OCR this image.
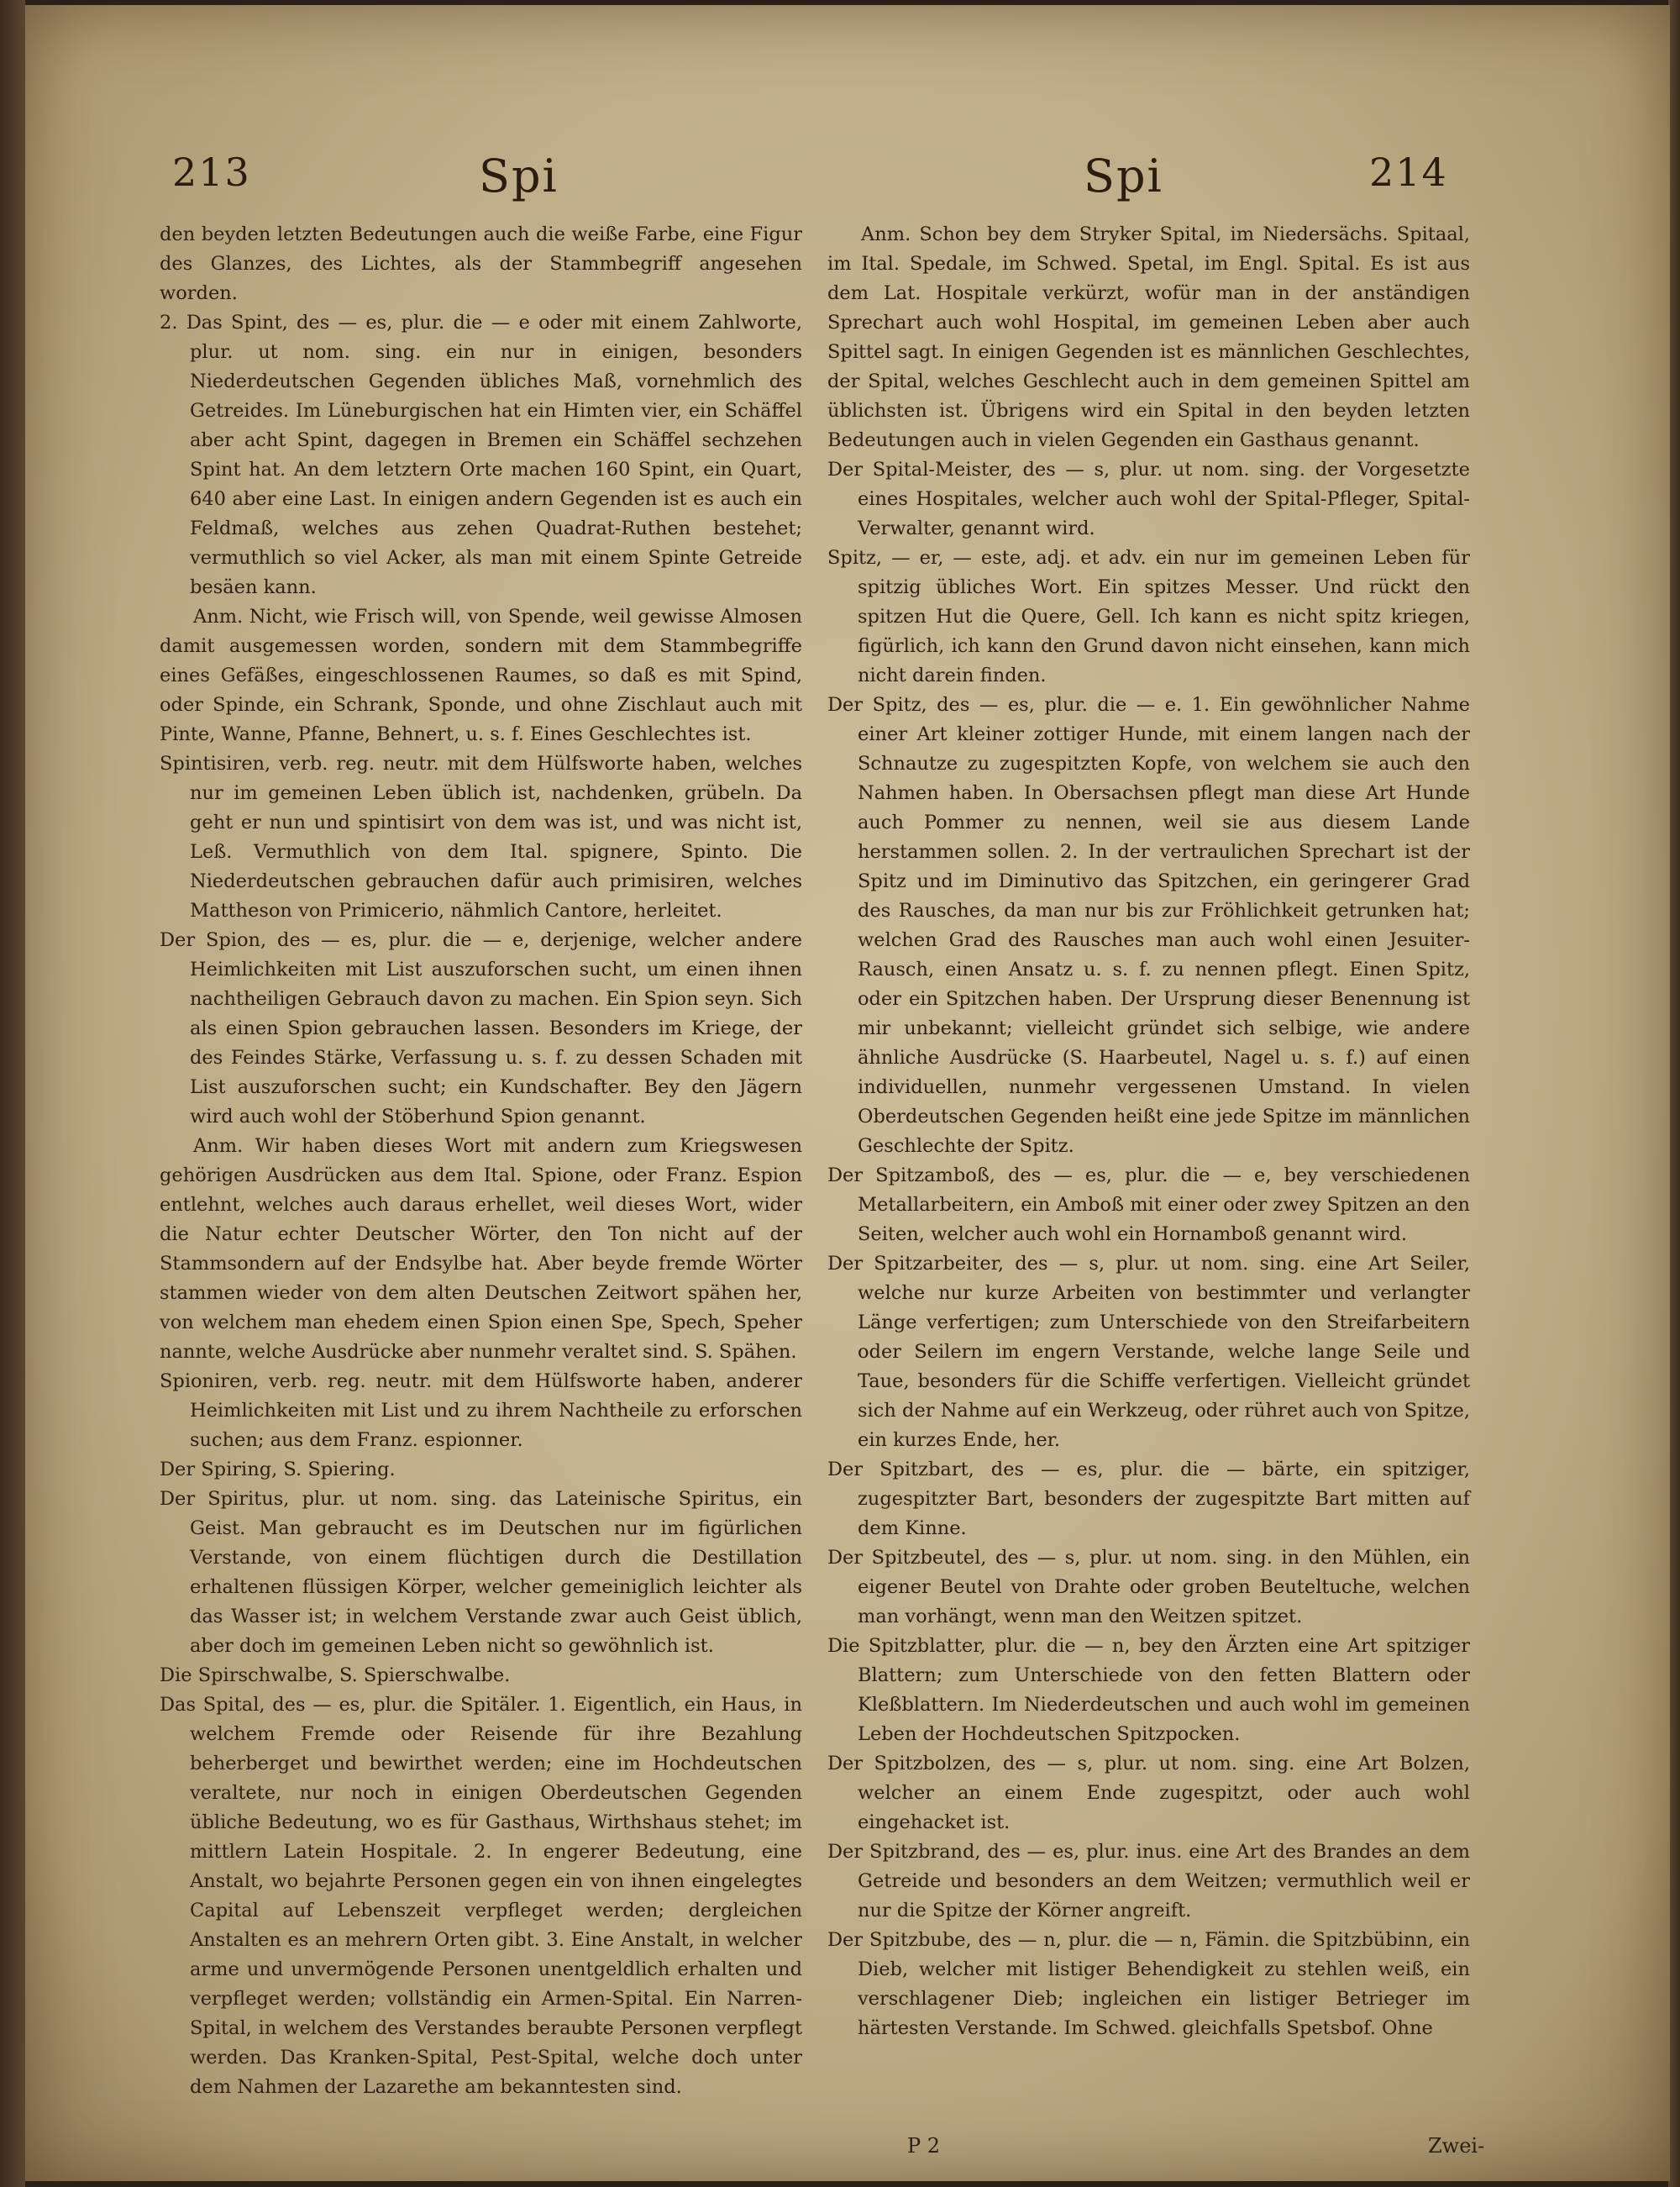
213	Spi	Spi	214

den beyden letzten Bedeutungen auch die weiße Farbe, eine Figur des Glanzes, des Lichtes, als der Stammbegriff angesehen worden.

2. Das Spint, des — es, plur. die — e oder mit einem Zahlworte, plur. ut nom. sing. ein nur in einigen, besonders Niederdeutschen Gegenden übliches Maß, vornehmlich des Getreides. Im Lüneburgischen hat ein Himten vier, ein Schäffel aber acht Spint, dagegen in Bremen ein Schäffel sechzehen Spint hat. An dem letztern Orte machen 160 Spint, ein Quart, 640 aber eine Last. In einigen andern Gegenden ist es auch ein Feldmaß, welches aus zehen Quadrat-Ruthen bestehet; vermuthlich so viel Acker, als man mit einem Spinte Getreide besäen kann.

Anm. Nicht, wie Frisch will, von Spende, weil gewisse Almosen damit ausgemessen worden, sondern mit dem Stammbegriffe eines Gefäßes, eingeschlossenen Raumes, so daß es mit Spind, oder Spinde, ein Schrank, Sponde, und ohne Zischlaut auch mit Pinte, Wanne, Pfanne, Behnert, u. s. f. Eines Geschlechtes ist.

Spintisiren, verb. reg. neutr. mit dem Hülfsworte haben, welches nur im gemeinen Leben üblich ist, nachdenken, grübeln. Da geht er nun und spintisirt von dem was ist, und was nicht ist, Leß. Vermuthlich von dem Ital. spignere, Spinto. Die Niederdeutschen gebrauchen dafür auch primisiren, welches Mattheson von Primicerio, nähmlich Cantore, herleitet.

Der Spion, des — es, plur. die — e, derjenige, welcher andere Heimlichkeiten mit List auszuforschen sucht, um einen ihnen nachtheiligen Gebrauch davon zu machen. Ein Spion seyn. Sich als einen Spion gebrauchen lassen. Besonders im Kriege, der des Feindes Stärke, Verfassung u. s. f. zu dessen Schaden mit List auszuforschen sucht; ein Kundschafter. Bey den Jägern wird auch wohl der Stöberhund Spion genannt.

Anm. Wir haben dieses Wort mit andern zum Kriegswesen gehörigen Ausdrücken aus dem Ital. Spione, oder Franz. Espion entlehnt, welches auch daraus erhellet, weil dieses Wort, wider die Natur echter Deutscher Wörter, den Ton nicht auf der Stammsondern auf der Endsylbe hat. Aber beyde fremde Wörter stammen wieder von dem alten Deutschen Zeitwort spähen her, von welchem man ehedem einen Spion einen Spe, Spech, Speher nannte, welche Ausdrücke aber nunmehr veraltet sind. S. Spähen.

Spioniren, verb. reg. neutr. mit dem Hülfsworte haben, anderer Heimlichkeiten mit List und zu ihrem Nachtheile zu erforschen suchen; aus dem Franz. espionner.

Der Spiring, S. Spiering.

Der Spiritus, plur. ut nom. sing. das Lateinische Spiritus, ein Geist. Man gebraucht es im Deutschen nur im figürlichen Verstande, von einem flüchtigen durch die Destillation erhaltenen flüssigen Körper, welcher gemeiniglich leichter als das Wasser ist; in welchem Verstande zwar auch Geist üblich, aber doch im gemeinen Leben nicht so gewöhnlich ist.

Die Spirschwalbe, S. Spierschwalbe.

Das Spital, des — es, plur. die Spitäler. 1. Eigentlich, ein Haus, in welchem Fremde oder Reisende für ihre Bezahlung beherberget und bewirthet werden; eine im Hochdeutschen veraltete, nur noch in einigen Oberdeutschen Gegenden übliche Bedeutung, wo es für Gasthaus, Wirthshaus stehet; im mittlern Latein Hospitale. 2. In engerer Bedeutung, eine Anstalt, wo bejahrte Personen gegen ein von ihnen eingelegtes Capital auf Lebenszeit verpfleget werden; dergleichen Anstalten es an mehrern Orten gibt. 3. Eine Anstalt, in welcher arme und unvermögende Personen unentgeldlich erhalten und verpfleget werden; vollständig ein Armen-Spital. Ein Narren-Spital, in welchem des Verstandes beraubte Personen verpflegt werden. Das Kranken-Spital, Pest-Spital, welche doch unter dem Nahmen der Lazarethe am bekanntesten sind.

Anm. Schon bey dem Stryker Spital, im Niedersächs. Spitaal, im Ital. Spedale, im Schwed. Spetal, im Engl. Spital. Es ist aus dem Lat. Hospitale verkürzt, wofür man in der anständigen Sprechart auch wohl Hospital, im gemeinen Leben aber auch Spittel sagt. In einigen Gegenden ist es männlichen Geschlechtes, der Spital, welches Geschlecht auch in dem gemeinen Spittel am üblichsten ist. Übrigens wird ein Spital in den beyden letzten Bedeutungen auch in vielen Gegenden ein Gasthaus genannt.

Der Spital-Meister, des — s, plur. ut nom. sing. der Vorgesetzte eines Hospitales, welcher auch wohl der Spital-Pfleger, Spital-Verwalter, genannt wird.

Spitz, — er, — este, adj. et adv. ein nur im gemeinen Leben für spitzig übliches Wort. Ein spitzes Messer. Und rückt den spitzen Hut die Quere, Gell. Ich kann es nicht spitz kriegen, figürlich, ich kann den Grund davon nicht einsehen, kann mich nicht darein finden.

Der Spitz, des — es, plur. die — e. 1. Ein gewöhnlicher Nahme einer Art kleiner zottiger Hunde, mit einem langen nach der Schnautze zu zugespitzten Kopfe, von welchem sie auch den Nahmen haben. In Obersachsen pflegt man diese Art Hunde auch Pommer zu nennen, weil sie aus diesem Lande herstammen sollen. 2. In der vertraulichen Sprechart ist der Spitz und im Diminutivo das Spitzchen, ein geringerer Grad des Rausches, da man nur bis zur Fröhlichkeit getrunken hat; welchen Grad des Rausches man auch wohl einen Jesuiter-Rausch, einen Ansatz u. s. f. zu nennen pflegt. Einen Spitz, oder ein Spitzchen haben. Der Ursprung dieser Benennung ist mir unbekannt; vielleicht gründet sich selbige, wie andere ähnliche Ausdrücke (S. Haarbeutel, Nagel u. s. f.) auf einen individuellen, nunmehr vergessenen Umstand. In vielen Oberdeutschen Gegenden heißt eine jede Spitze im männlichen Geschlechte der Spitz.

Der Spitzamboß, des — es, plur. die — e, bey verschiedenen Metallarbeitern, ein Amboß mit einer oder zwey Spitzen an den Seiten, welcher auch wohl ein Hornamboß genannt wird.

Der Spitzarbeiter, des — s, plur. ut nom. sing. eine Art Seiler, welche nur kurze Arbeiten von bestimmter und verlangter Länge verfertigen; zum Unterschiede von den Streifarbeitern oder Seilern im engern Verstande, welche lange Seile und Taue, besonders für die Schiffe verfertigen. Vielleicht gründet sich der Nahme auf ein Werkzeug, oder rühret auch von Spitze, ein kurzes Ende, her.

Der Spitzbart, des — es, plur. die — bärte, ein spitziger, zugespitzter Bart, besonders der zugespitzte Bart mitten auf dem Kinne.

Der Spitzbeutel, des — s, plur. ut nom. sing. in den Mühlen, ein eigener Beutel von Drahte oder groben Beuteltuche, welchen man vorhängt, wenn man den Weitzen spitzet.

Die Spitzblatter, plur. die — n, bey den Ärzten eine Art spitziger Blattern; zum Unterschiede von den fetten Blattern oder Kleßblattern. Im Niederdeutschen und auch wohl im gemeinen Leben der Hochdeutschen Spitzpocken.

Der Spitzbolzen, des — s, plur. ut nom. sing. eine Art Bolzen, welcher an einem Ende zugespitzt, oder auch wohl eingehacket ist.

Der Spitzbrand, des — es, plur. inus. eine Art des Brandes an dem Getreide und besonders an dem Weitzen; vermuthlich weil er nur die Spitze der Körner angreift.

Der Spitzbube, des — n, plur. die — n, Fämin. die Spitzbübinn, ein Dieb, welcher mit listiger Behendigkeit zu stehlen weiß, ein verschlagener Dieb; ingleichen ein listiger Betrieger im härtesten Verstande. Im Schwed. gleichfalls Spetsbof. Ohne

P 2	Zwei-
